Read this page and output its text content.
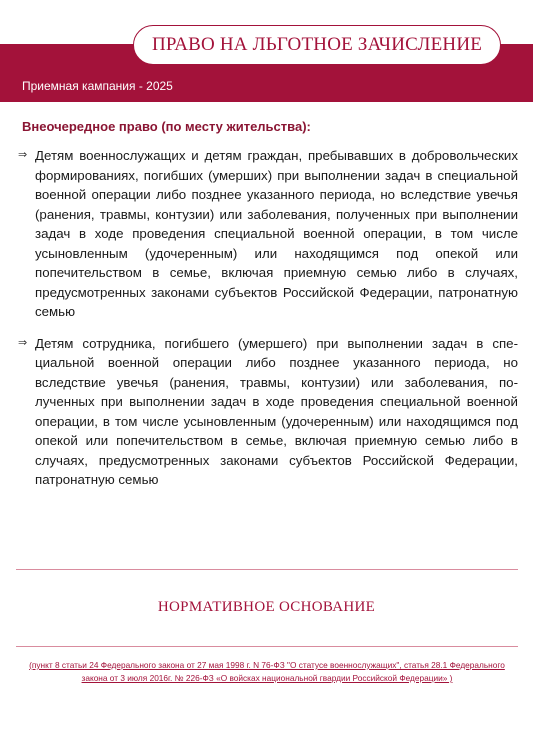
Приемная кампания - 2025
ПРАВО НА ЛЬГОТНОЕ ЗАЧИСЛЕНИЕ
Внеочередное право (по месту жительства):
⇒ Детям военнослужащих и детям граждан, пребывавших в добровольческих формированиях, погибших (умерших) при выполнении задач в специальной военной операции либо позднее указанного периода, но вследствие увечья (ранения, травмы, контузии) или заболевания, полученных при выполнении задач в ходе проведения специальной военной операции, в том числе усыновленным (удочеренным) или находящимся под опекой или попечительством в семье, включая приемную семью либо в случаях, предусмотренных законами субъектов Российской Федерации, патронатную семью
⇒ Детям сотрудника, погибшего (умершего) при выполнении задач в специальной военной операции либо позднее указанного периода, но вследствие увечья (ранения, травмы, контузии) или заболевания, полученных при выполнении задач в ходе проведения специальной военной операции, в том числе усыновленным (удочеренным) или находящимся под опекой или попечительством в семье, включая приемную семью либо в случаях, предусмотренных законами субъектов Российской Федерации, патронатную семью
НОРМАТИВНОЕ ОСНОВАНИЕ
(пункт 8 статьи 24 Федерального закона от 27 мая 1998 г. N 76-ФЗ "О статусе военнослужащих", статья 28.1 Федерального закона от 3 июля 2016г. № 226-ФЗ «О войсках национальной гвардии Российской Федерации» )
